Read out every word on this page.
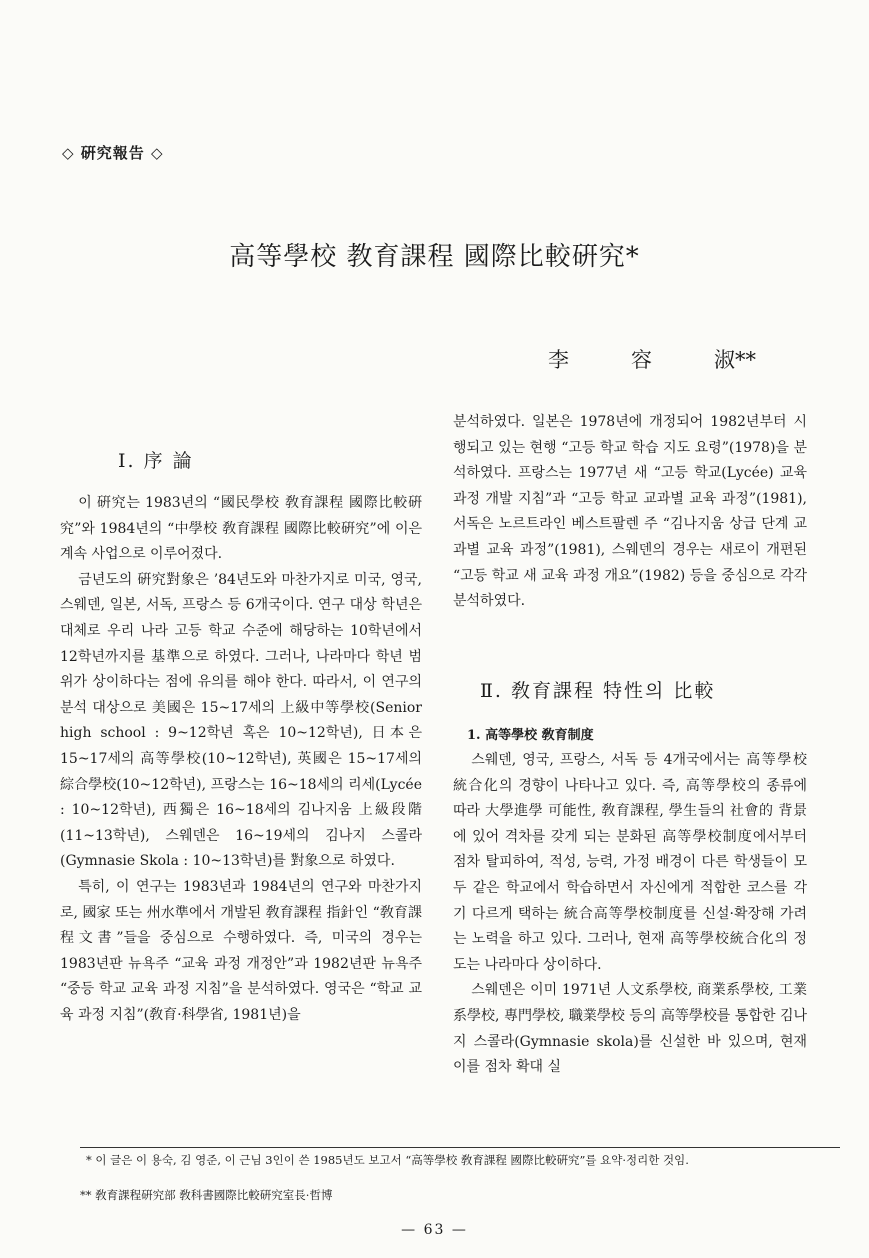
◇ 硏究報告 ◇
高等學校 教育課程 國際比較硏究*
李	容	淑**
Ⅰ. 序 論

이 硏究는 1983년의 “國民學校 敎育課程 國際比較硏究”와 1984년의 “中學校 敎育課程 國際比較硏究”에 이은 계속 사업으로 이루어졌다.

금년도의 硏究對象은 ’84년도와 마찬가지로 미국, 영국, 스웨덴, 일본, 서독, 프랑스 등 6개국이다. 연구 대상 학년은 대체로 우리 나라 고등 학교 수준에 해당하는 10학년에서 12학년까지를 基準으로 하였다. 그러나, 나라마다 학년 범위가 상이하다는 점에 유의를 해야 한다. 따라서, 이 연구의 분석 대상으로 美國은 15~17세의 上級中等學校(Senior high school : 9~12학년 혹은 10~12학년), 日本은 15~17세의 高等學校(10~12학년), 英國은 15~17세의 綜合學校(10~12학년), 프랑스는 16~18세의 리세(Lycée : 10~12학년), 西獨은 16~18세의 김나지움 上級段階(11~13학년), 스웨덴은 16~19세의 김나지 스콜라(Gymnasie Skola : 10~13학년)를 對象으로 하였다.

특히, 이 연구는 1983년과 1984년의 연구와 마찬가지로, 國家 또는 州水準에서 개발된 敎育課程 指針인 “敎育課程文書”들을 중심으로 수행하였다. 즉, 미국의 경우는 1983년판 뉴욕주 “교육 과정 개정안”과 1982년판 뉴욕주 “중등 학교 교육 과정 지침”을 분석하였다. 영국은 “학교 교육 과정 지침”(敎育·科學省, 1981년)을

분석하였다. 일본은 1978년에 개정되어 1982년부터 시행되고 있는 현행 “고등 학교 학습 지도 요령”(1978)을 분석하였다. 프랑스는 1977년 새 “고등 학교(Lycée) 교육 과정 개발 지침”과 “고등 학교 교과별 교육 과정”(1981), 서독은 노르트라인 베스트팔렌 주 “김나지움 상급 단계 교과별 교육 과정”(1981), 스웨덴의 경우는 새로이 개편된 “고등 학교 새 교육 과정 개요”(1982) 등을 중심으로 각각 분석하였다.

Ⅱ. 敎育課程 特性의 比較
1. 高等學校 敎育制度

스웨덴, 영국, 프랑스, 서독 등 4개국에서는 高等學校 統合化의 경향이 나타나고 있다. 즉, 高等學校의 종류에 따라 大學進學 可能性, 敎育課程, 學生들의 社會的 背景에 있어 격차를 갖게 되는 분화된 高等學校制度에서부터 점차 탈피하여, 적성, 능력, 가정 배경이 다른 학생들이 모두 같은 학교에서 학습하면서 자신에게 적합한 코스를 각기 다르게 택하는 統合高等學校制度를 신설·확장해 가려는 노력을 하고 있다. 그러나, 현재 高等學校統合化의 정도는 나라마다 상이하다.

스웨덴은 이미 1971년 人文系學校, 商業系學校, 工業系學校, 專門學校, 職業學校 등의 高等學校를 통합한 김나지 스콜라(Gymnasie skola)를 신설한 바 있으며, 현재 이를 점차 확대 실

* 이 글은 이 용숙, 김 영준, 이 근님 3인이 쓴 1985년도 보고서 “高等學校 敎育課程 國際比較硏究”를 요약·정리한 것임.
** 敎育課程硏究部 敎科書國際比較硏究室長·哲博
— 63 —
